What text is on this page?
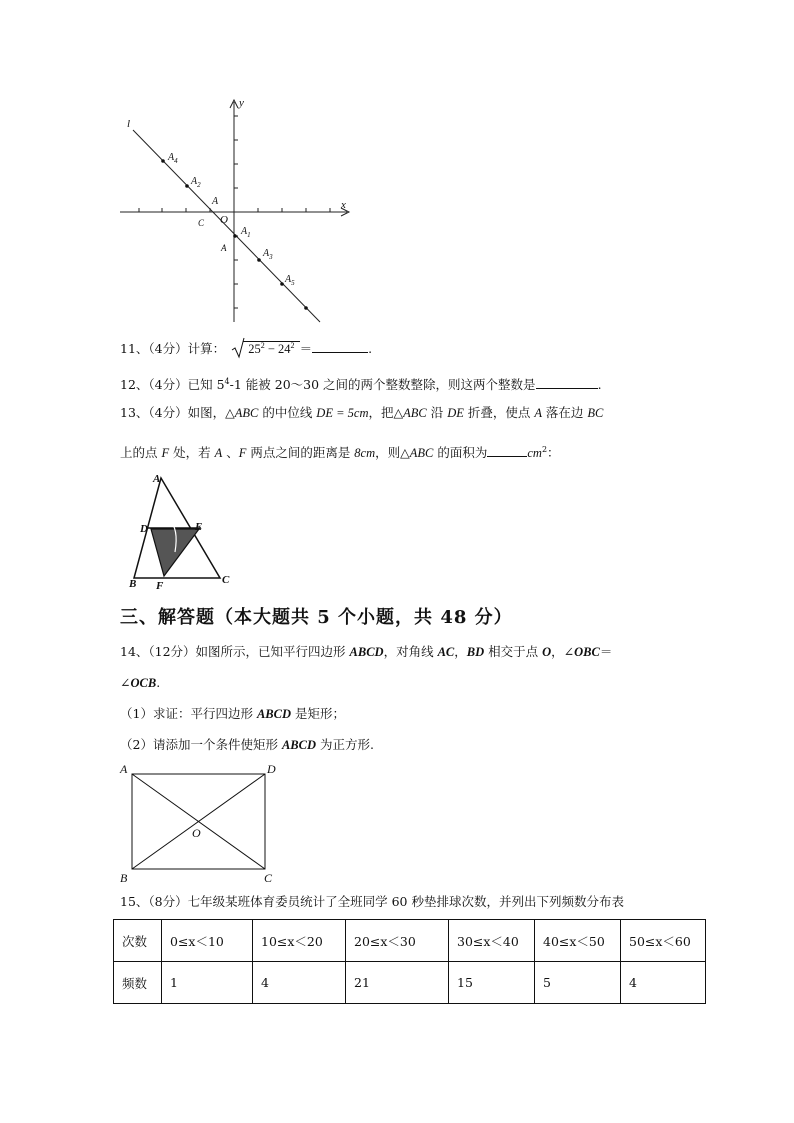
y
x
l
O
A
C
A
$A_1$
$A_2$
$A_3$
$A_4$
$A_5$
11、（4分）计算： $25^2 - 24^2$ ＝	.
12、（4分）已知 $5^4-1$ 能被 20～30 之间的两个整数整除，则这两个整数是	.
13、（4分）如图，△ABC 的中位线 DE = 5cm，把△ABC 沿 DE 折叠，使点 A 落在边 BC
上的点 F 处，若 A 、F 两点之间的距离是 8cm，则△ABC 的面积为	$cm^2$：
A
B	C
D	E
F
三、解答题（本大题共 5 个小题，共 48 分）
14、（12分）如图所示，已知平行四边形 ABCD，对角线 AC，BD 相交于点 O，∠OBC＝
∠OCB.
（1）求证：平行四边形 ABCD 是矩形；
（2）请添加一个条件使矩形 ABCD 为正方形.
A	D
B	C
O
15、（8分）七年级某班体育委员统计了全班同学 60 秒垫排球次数，并列出下列频数分布表
次数	0≤x＜10	10≤x＜20	20≤x＜30	30≤x＜40	40≤x＜50	50≤x＜60
频数	1	4	21	15	5	4
